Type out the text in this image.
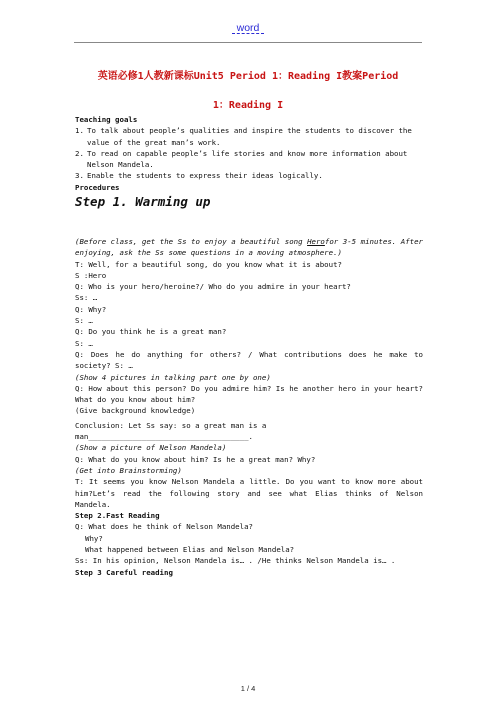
word
英语必修1人教新课标Unit5 Period 1：Reading I教案Period
1：Reading I
Teaching goals
1. To talk about people’s qualities and inspire the students to discover the value of the great man’s work.
2. To read on capable people’s life stories and know more information about Nelson Mandela.
3. Enable the students to express their ideas logically.
Procedures
Step 1. Warming up
(Before class, get the Ss to enjoy a beautiful song Herofor 3-5 minutes. After enjoying, ask the Ss some questions in a moving atmosphere.)
T: Well, for a beautiful song, do you know what it is about?
S :Hero
Q: Who is your hero/heroine?/ Who do you admire in your heart?
Ss: …
Q: Why?
S: …
Q: Do you think he is a great man?
S: …
Q: Does he do anything for others? / What contributions does he make to society? S: …
(Show 4 pictures in talking part one by one)
Q: How about this person? Do you admire him? Is he another hero in your heart? What do you know about him?
(Give background knowledge)
Conclusion: Let Ss say: so a great man is a
man____________________________________.
(Show a picture of Nelson Mandela)
Q: What do you know about him? Is he a great man? Why?
(Get into Brainstorming)
T: It seems you know Nelson Mandela a little. Do you want to know more about him?Let’s read the following story and see what Elias thinks of Nelson Mandela.
Step 2.Fast Reading
Q: What does he think of Nelson Mandela?
Why?
What happened between Elias and Nelson Mandela?
Ss: In his opinion, Nelson Mandela is… . /He thinks Nelson Mandela is… .
Step 3 Careful reading
1 / 4
